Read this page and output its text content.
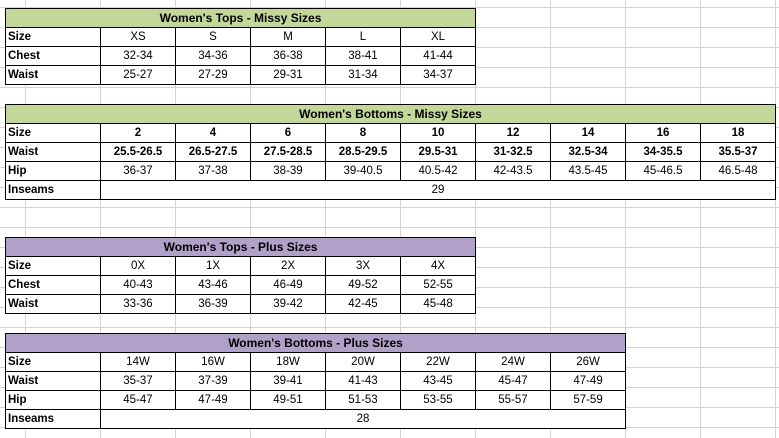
Women's Tops - Missy Sizes					
Size	XS	S	M	L	XL
Chest	32-34	34-36	36-38	38-41	41-44
Waist	25-27	27-29	29-31	31-34	34-37
Women's Bottoms - Missy Sizes									
Size	2	4	6	8	10	12	14	16	18
Waist	25.5-26.5	26.5-27.5	27.5-28.5	28.5-29.5	29.5-31	31-32.5	32.5-34	34-35.5	35.5-37
Hip	36-37	37-38	38-39	39-40.5	40.5-42	42-43.5	43.5-45	45-46.5	46.5-48
Inseams	29								
Women's Tops - Plus Sizes					
Size	0X	1X	2X	3X	4X
Chest	40-43	43-46	46-49	49-52	52-55
Waist	33-36	36-39	39-42	42-45	45-48
Women's Bottoms - Plus Sizes							
Size	14W	16W	18W	20W	22W	24W	26W
Waist	35-37	37-39	39-41	41-43	43-45	45-47	47-49
Hip	45-47	47-49	49-51	51-53	53-55	55-57	57-59
Inseams	28						
